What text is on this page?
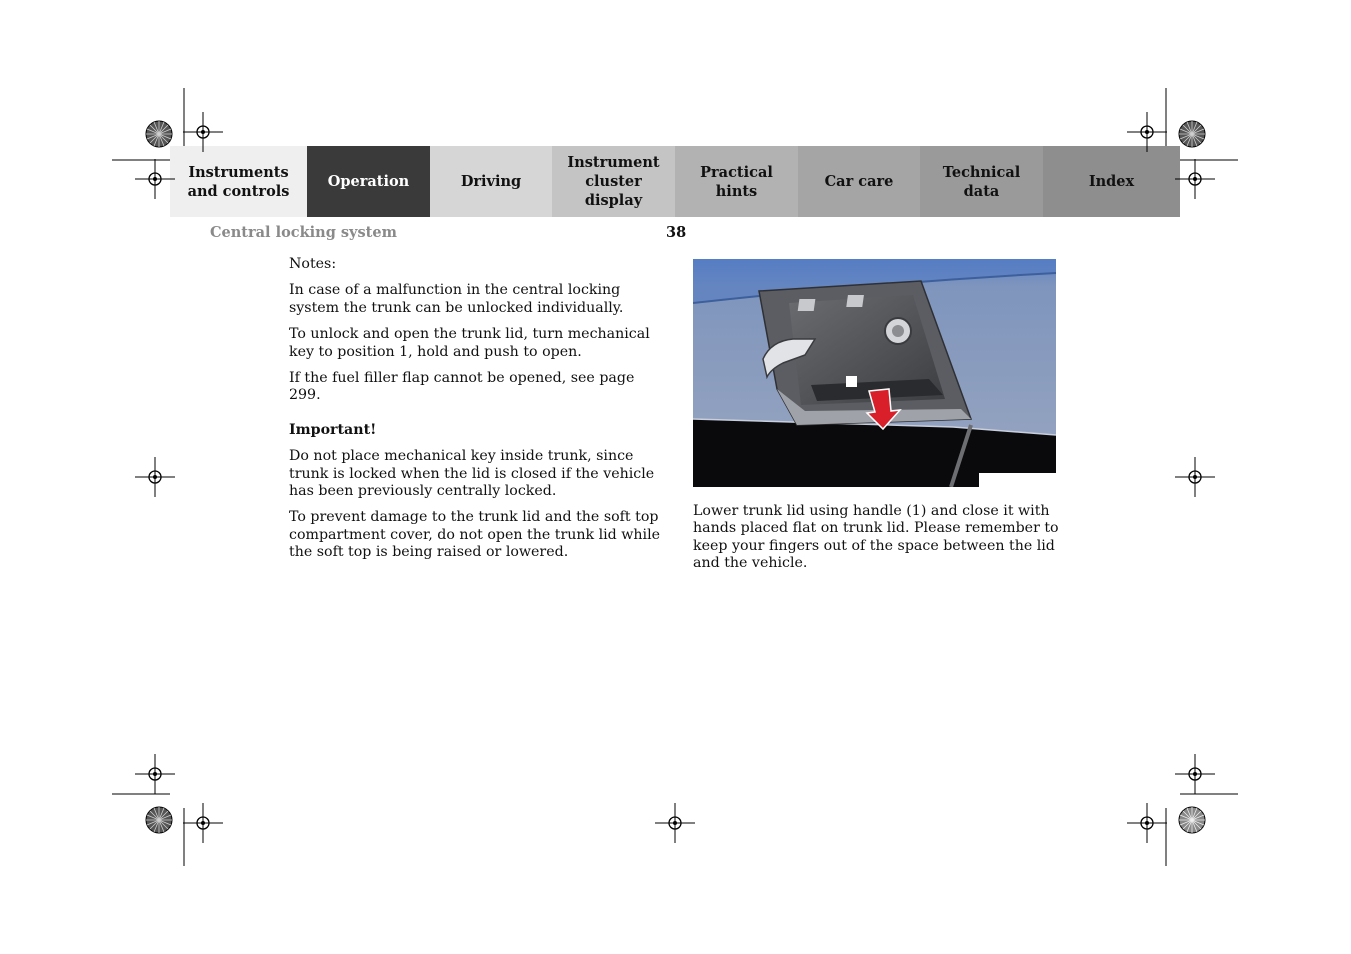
Instruments
and controls
Operation	Driving
Instrument
cluster display
Practical hints
Car care
Technical
data
Index
Central locking system	38

Notes:

In case of a malfunction in the central locking system the trunk can be unlocked individually.

To unlock and open the trunk lid, turn mechanical key to position 1, hold and push to open.

If the fuel filler flap cannot be opened, see page 299.

Important!

Do not place mechanical key inside trunk, since trunk is locked when the lid is closed if the vehicle has been previously centrally locked.

To prevent damage to the trunk lid and the soft top compartment cover, do not open the trunk lid while the soft top is being raised or lowered.

Lower trunk lid using handle (1) and close it with hands placed flat on trunk lid. Please remember to keep your fingers out of the space between the lid and the vehicle.
